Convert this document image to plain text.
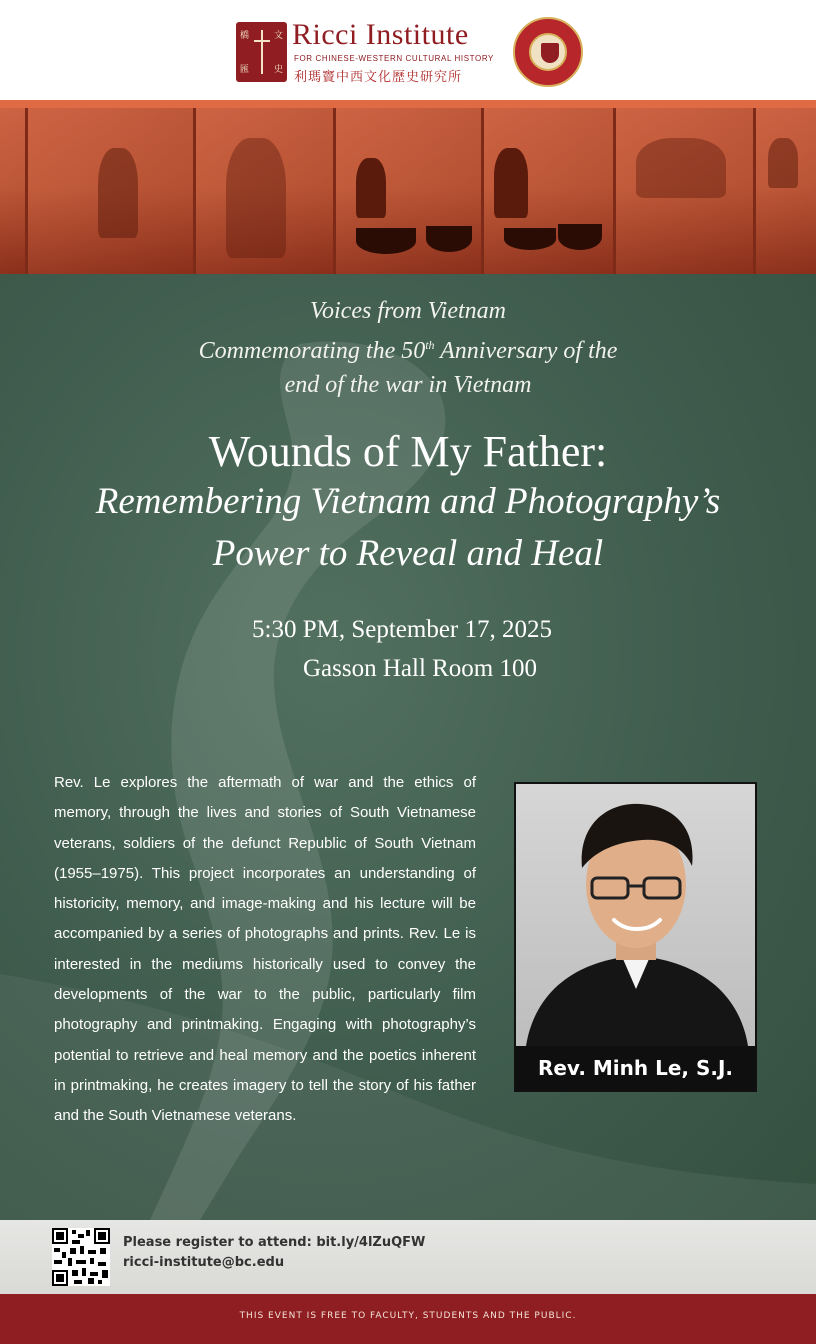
橋
匯
文
史
Ricci Institute
FOR CHINESE-WESTERN CULTURAL HISTORY
利瑪竇中西文化歷史研究所
Voices from Vietnam
Commemorating the 50th Anniversary of the
end of the war in Vietnam
Wounds of My Father:
Remembering Vietnam and Photography’s
Power to Reveal and Heal
5:30 PM, September 17, 2025
Gasson Hall Room 100
Rev. Le explores the aftermath of war and the ethics of memory, through the lives and stories of South Vietnamese veterans, soldiers of the defunct Republic of South Vietnam (1955–1975). This project incorporates an understanding of historicity, memory, and image-making and his lecture will be accompanied by a series of photographs and prints. Rev. Le is interested in the mediums historically used to convey the developments of the war to the public, particularly film photography and printmaking. Engaging with photography’s potential to retrieve and heal memory and the poetics inherent in printmaking, he creates imagery to tell the story of his father and the South Vietnamese veterans.
Rev. Minh Le, S.J.
Please register to attend: bit.ly/4lZuQFW
ricci-institute@bc.edu
THIS EVENT IS FREE TO FACULTY, STUDENTS AND THE PUBLIC.
